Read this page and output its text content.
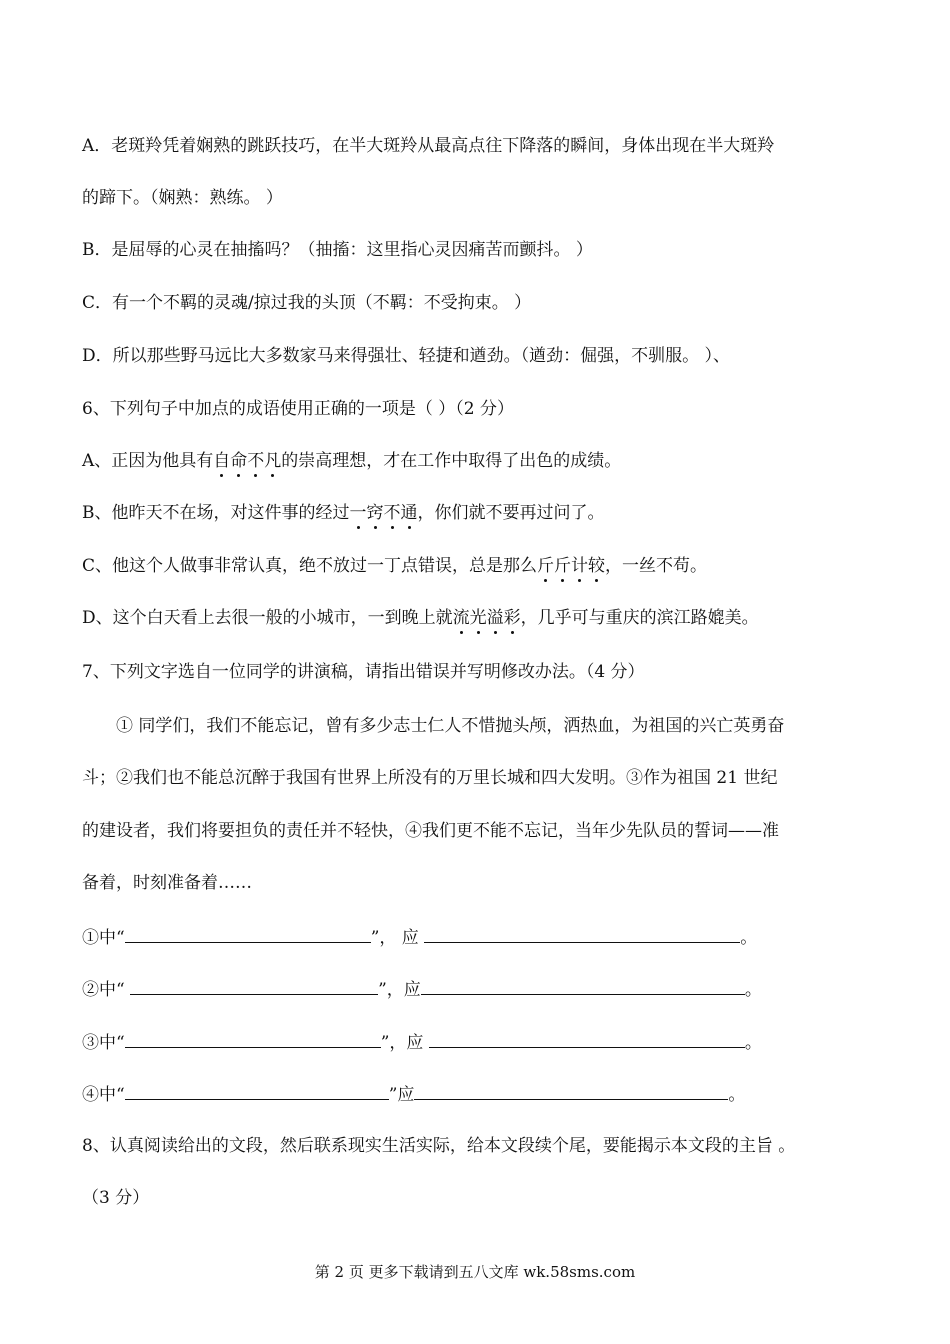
A．老斑羚凭着娴熟的跳跃技巧，在半大斑羚从最高点往下降落的瞬间，身体出现在半大斑羚
的蹄下。（娴熟：熟练。 ）
B．是屈辱的心灵在抽搐吗？（抽搐：这里指心灵因痛苦而颤抖。 ）
C．有一个不羁的灵魂/掠过我的头顶（不羁：不受拘束。 ）
D．所以那些野马远比大多数家马来得强壮、轻捷和遒劲。（遒劲：倔强，不驯服。 ）、
6、下列句子中加点的成语使用正确的一项是（ ）（2 分）
A、正因为他具有自命不凡的崇高理想，才在工作中取得了出色的成绩。
B、他昨天不在场，对这件事的经过一窍不通，你们就不要再过问了。
C、他这个人做事非常认真，绝不放过一丁点错误，总是那么斤斤计较，一丝不苟。
D、这个白天看上去很一般的小城市，一到晚上就流光溢彩，几乎可与重庆的滨江路媲美。
7、下列文字选自一位同学的讲演稿，请指出错误并写明修改办法。（4 分）
① 同学们，我们不能忘记，曾有多少志士仁人不惜抛头颅，洒热血，为祖国的兴亡英勇奋
斗；②我们也不能总沉醉于我国有世界上所没有的万里长城和四大发明。③作为祖国 21 世纪
的建设者，我们将要担负的责任并不轻快，④我们更不能不忘记，当年少先队员的誓词——准
备着，时刻准备着……
①中“	”， 应	。
②中“	”，应	。
③中“	”，应	。
④中“	”应	。
8、认真阅读给出的文段，然后联系现实生活实际，给本文段续个尾，要能揭示本文段的主旨 。
（3 分）
第 2 页 更多下载请到五八文库 wk.58sms.com
